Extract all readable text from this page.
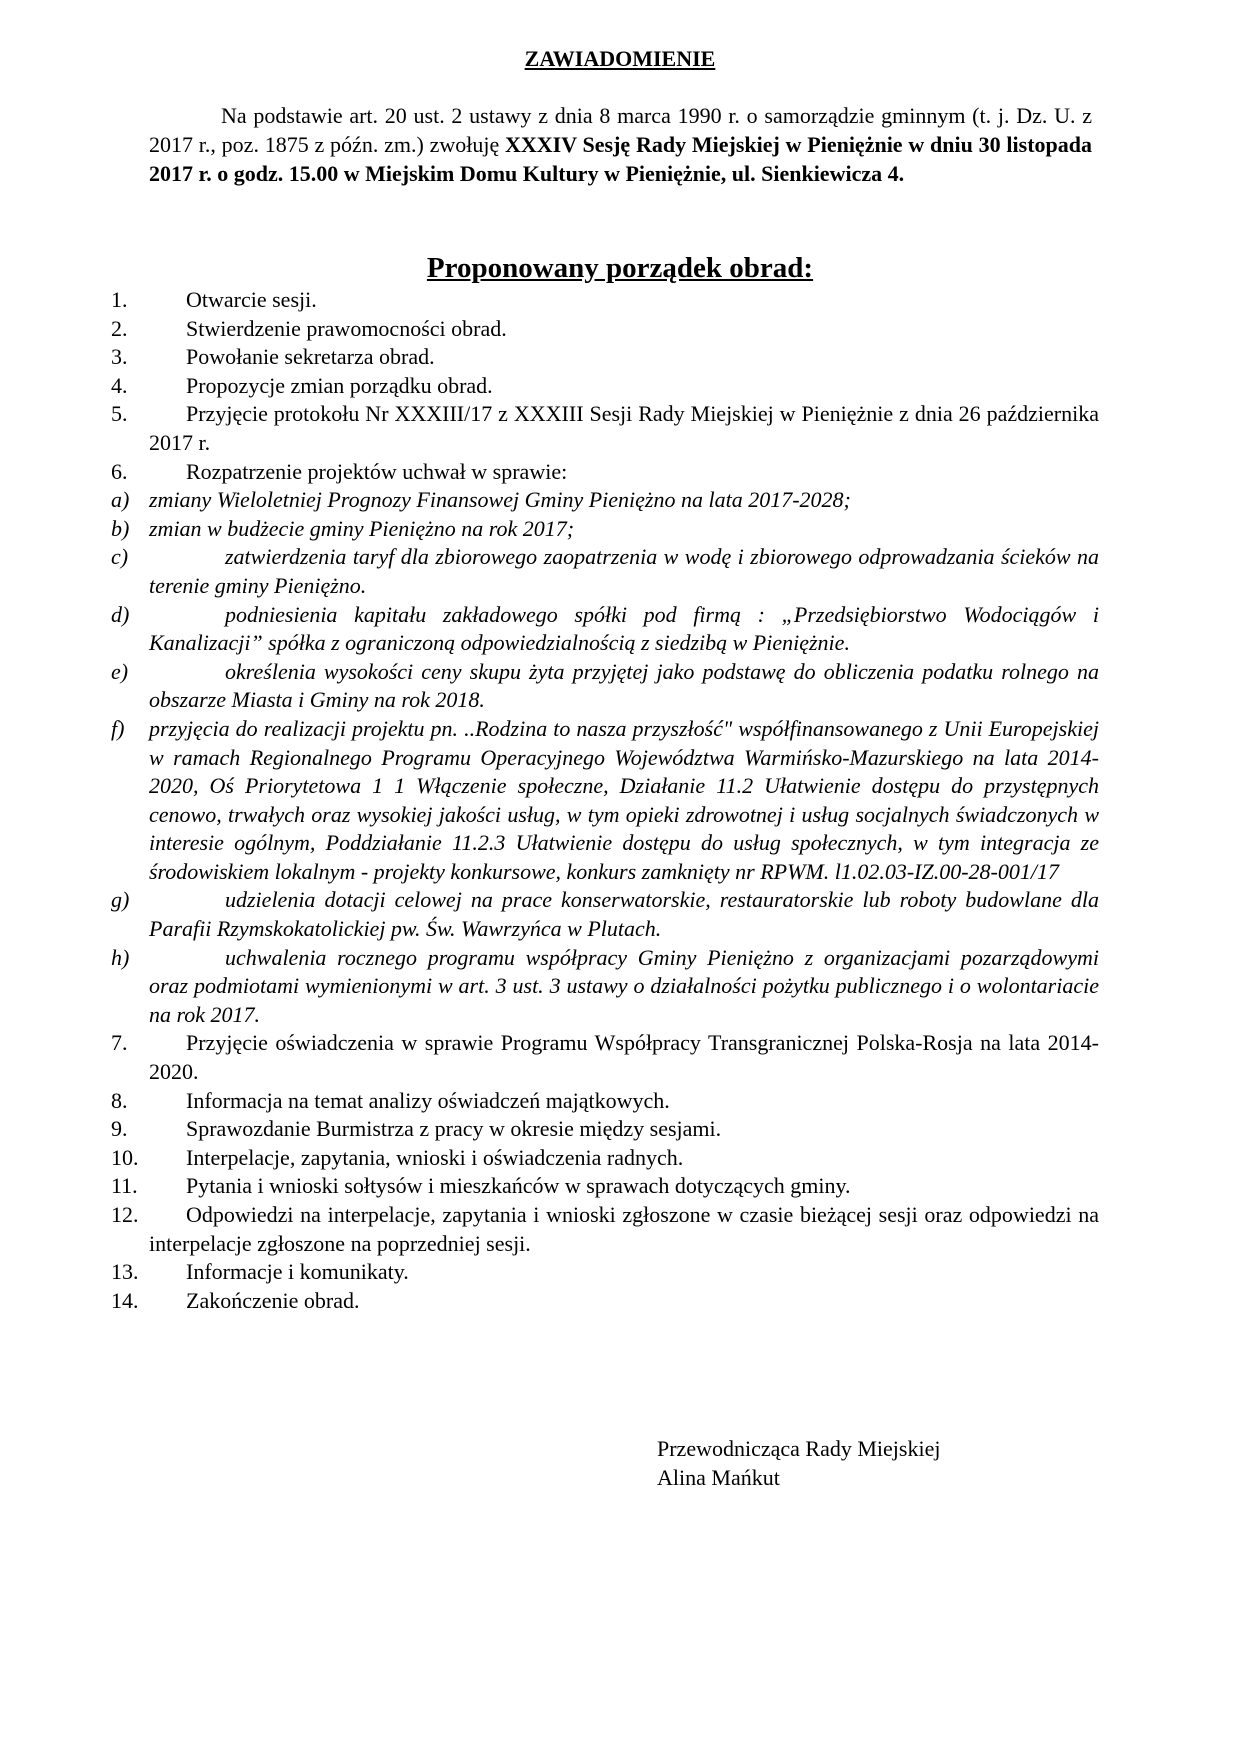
ZAWIADOMIENIE

Na podstawie art. 20 ust. 2 ustawy z dnia 8 marca 1990 r. o samorządzie gminnym (t. j. Dz. U. z 2017 r., poz. 1875 z późn. zm.) zwołuję XXXIV Sesję Rady Miejskiej w Pieniężnie w dniu 30 listopada 2017 r. o godz. 15.00 w Miejskim Domu Kultury w Pieniężnie, ul. Sienkiewicza 4.

Proponowany porządek obrad:
1.	Otwarcie sesji.
2.	Stwierdzenie prawomocności obrad.
3.	Powołanie sekretarza obrad.
4.	Propozycje zmian porządku obrad.
5.	Przyjęcie protokołu Nr XXXIII/17 z XXXIII Sesji Rady Miejskiej w Pieniężnie z dnia 26 października 2017 r.
6.	Rozpatrzenie projektów uchwał w sprawie:
a) zmiany Wieloletniej Prognozy Finansowej Gminy Pieniężno na lata 2017-2028;
b) zmian w budżecie gminy Pieniężno na rok 2017;
c)	zatwierdzenia taryf dla zbiorowego zaopatrzenia w wodę i zbiorowego odprowadzania ścieków na terenie gminy Pieniężno.
d)	podniesienia kapitału zakładowego spółki pod firmą : „Przedsiębiorstwo Wodociągów i Kanalizacji” spółka z ograniczoną odpowiedzialnością z siedzibą w Pieniężnie.
e)	określenia wysokości ceny skupu żyta przyjętej jako podstawę do obliczenia podatku rolnego na obszarze Miasta i Gminy na rok 2018.
f) przyjęcia do realizacji projektu pn. ..Rodzina to nasza przyszłość" współfinansowanego z Unii Europejskiej w ramach Regionalnego Programu Operacyjnego Województwa Warmińsko-Mazurskiego na lata 2014-2020, Oś Priorytetowa 1 1 Włączenie społeczne, Działanie 11.2 Ułatwienie dostępu do przystępnych cenowo, trwałych oraz wysokiej jakości usług, w tym opieki zdrowotnej i usług socjalnych świadczonych w interesie ogólnym, Poddziałanie 11.2.3 Ułatwienie dostępu do usług społecznych, w tym integracja ze środowiskiem lokalnym - projekty konkursowe, konkurs zamknięty nr RPWM. l1.02.03-IZ.00-28-001/17
g)	udzielenia dotacji celowej na prace konserwatorskie, restauratorskie lub roboty budowlane dla Parafii Rzymskokatolickiej pw. Św. Wawrzyńca w Plutach.
h)	uchwalenia rocznego programu współpracy Gminy Pieniężno z organizacjami pozarządowymi oraz podmiotami wymienionymi w art. 3 ust. 3 ustawy o działalności pożytku publicznego i o wolontariacie na rok 2017.
7.	Przyjęcie oświadczenia w sprawie Programu Współpracy Transgranicznej Polska-Rosja na lata 2014-2020.
8.	Informacja na temat analizy oświadczeń majątkowych.
9.	Sprawozdanie Burmistrza z pracy w okresie między sesjami.
10.	Interpelacje, zapytania, wnioski i oświadczenia radnych.
11.	Pytania i wnioski sołtysów i mieszkańców w sprawach dotyczących gminy.
12.	Odpowiedzi na interpelacje, zapytania i wnioski zgłoszone w czasie bieżącej sesji oraz odpowiedzi na interpelacje zgłoszone na poprzedniej sesji.
13.	Informacje i komunikaty.
14.	Zakończenie obrad.
Przewodnicząca Rady Miejskiej
Alina Mańkut
